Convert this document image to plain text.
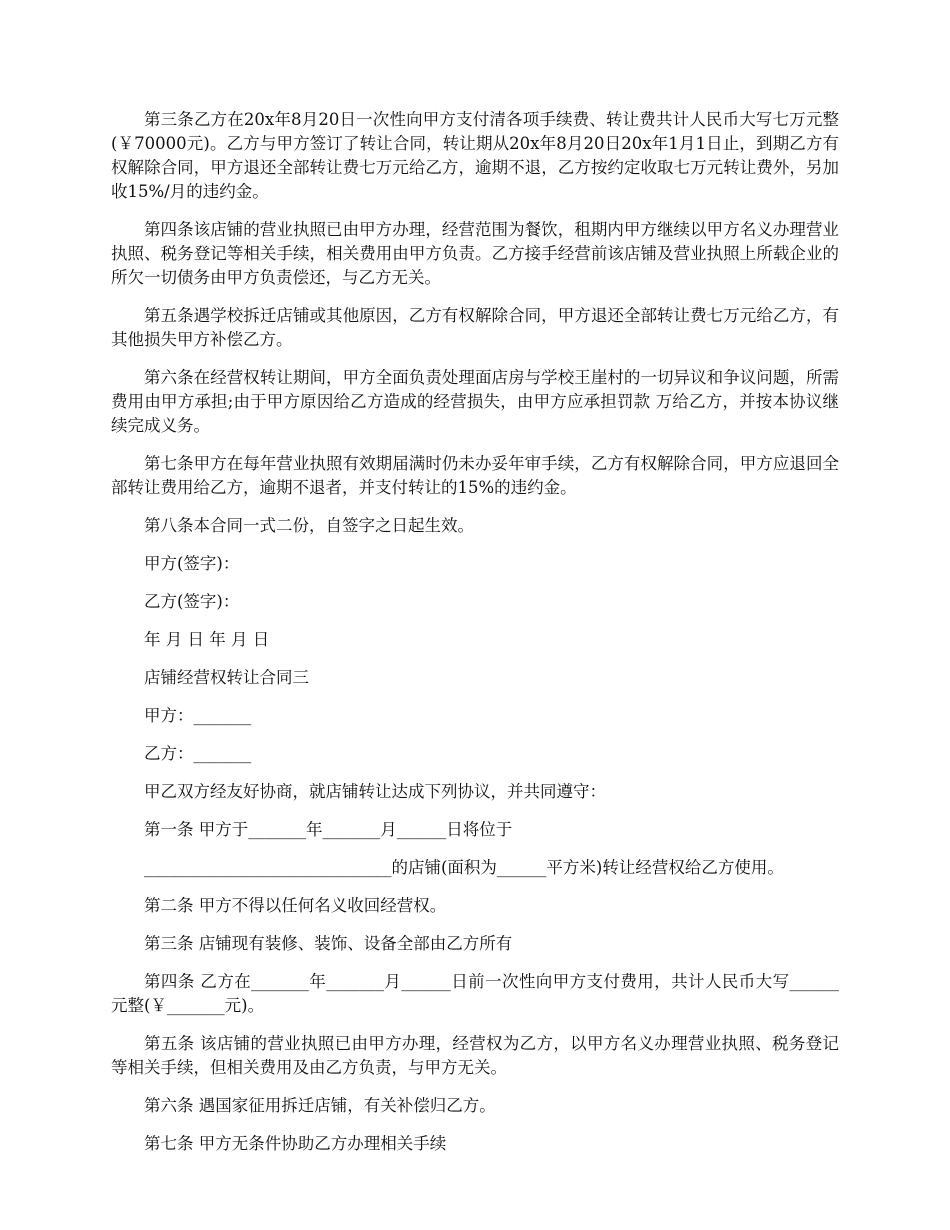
第三条乙方在20x年8月20日一次性向甲方支付清各项手续费、转让费共计人民币大写七万元整(￥70000元)。乙方与甲方签订了转让合同，转让期从20x年8月20日20x年1月1日止，到期乙方有权解除合同，甲方退还全部转让费七万元给乙方，逾期不退，乙方按约定收取七万元转让费外，另加收15%/月的违约金。

第四条该店铺的营业执照已由甲方办理，经营范围为餐饮，租期内甲方继续以甲方名义办理营业执照、税务登记等相关手续，相关费用由甲方负责。乙方接手经营前该店铺及营业执照上所载企业的所欠一切债务由甲方负责偿还，与乙方无关。

第五条遇学校拆迁店铺或其他原因，乙方有权解除合同，甲方退还全部转让费七万元给乙方，有其他损失甲方补偿乙方。

第六条在经营权转让期间，甲方全面负责处理面店房与学校王崖村的一切异议和争议问题，所需费用由甲方承担;由于甲方原因给乙方造成的经营损失，由甲方应承担罚款 万给乙方，并按本协议继续完成义务。

第七条甲方在每年营业执照有效期届满时仍未办妥年审手续，乙方有权解除合同，甲方应退回全部转让费用给乙方，逾期不退者，并支付转让的15%的违约金。

第八条本合同一式二份，自签字之日起生效。

甲方(签字)：

乙方(签字)：

年 月 日 年 月 日

店铺经营权转让合同三

甲方：_______

乙方：_______

甲乙双方经友好协商，就店铺转让达成下列协议，并共同遵守：

第一条 甲方于_______年_______月______日将位于

______________________________的店铺(面积为______平方米)转让经营权给乙方使用。

第二条 甲方不得以任何名义收回经营权。

第三条 店铺现有装修、装饰、设备全部由乙方所有

第四条 乙方在_______年_______月______日前一次性向甲方支付费用，共计人民币大写______元整(￥_______元)。

第五条 该店铺的营业执照已由甲方办理，经营权为乙方，以甲方名义办理营业执照、税务登记等相关手续，但相关费用及由乙方负责，与甲方无关。

第六条 遇国家征用拆迁店铺，有关补偿归乙方。

第七条 甲方无条件协助乙方办理相关手续
